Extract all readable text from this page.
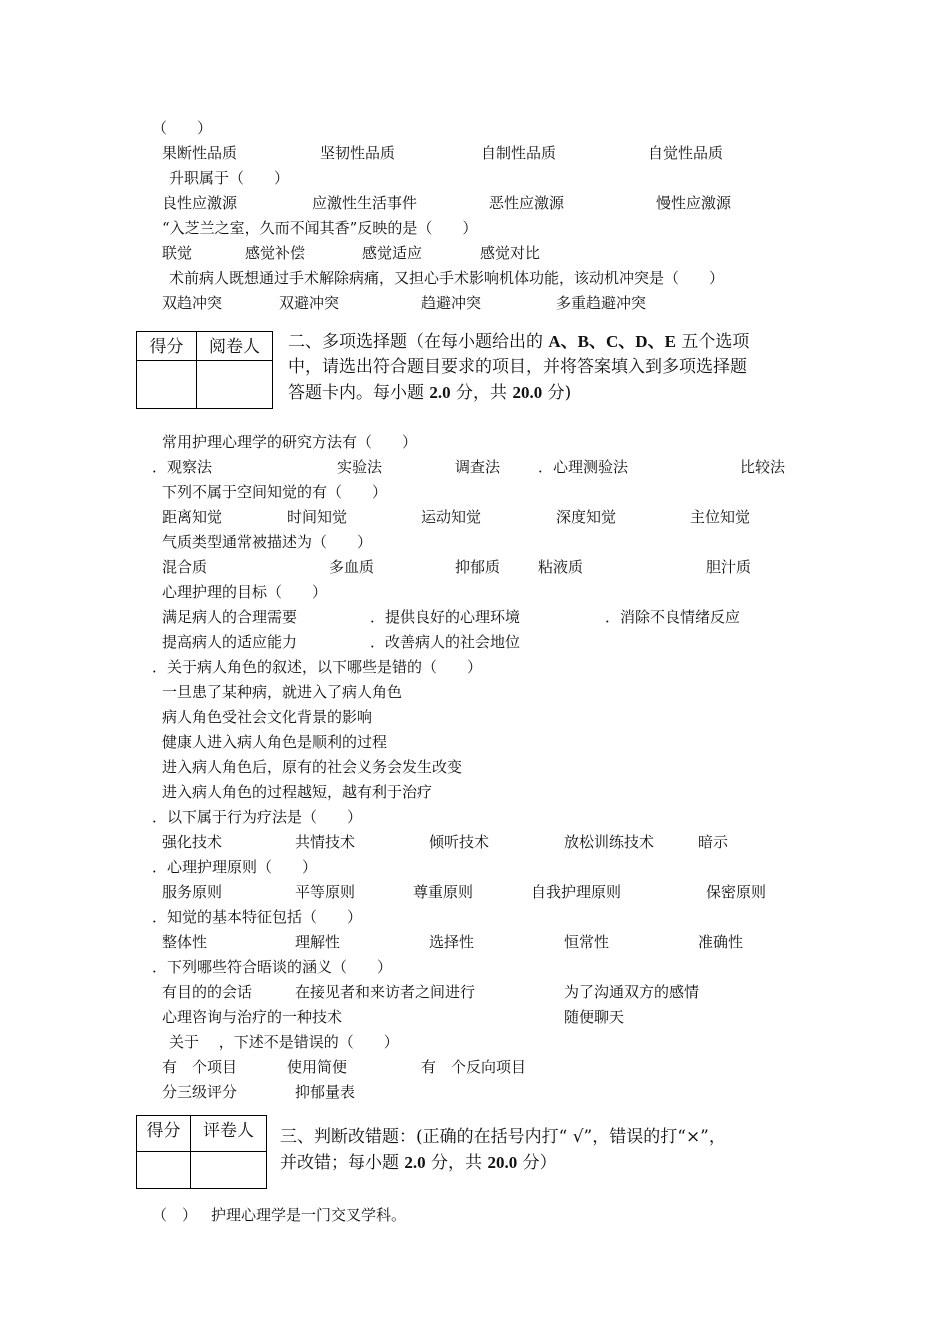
（　　）
果断性品质	坚韧性品质	自制性品质	自觉性品质
升职属于（　　）
良性应激源	应激性生活事件	恶性应激源	慢性应激源
“入芝兰之室，久而不闻其香”反映的是（　　）
联觉	感觉补偿	感觉适应	感觉对比
术前病人既想通过手术解除病痛，又担心手术影响机体功能，该动机冲突是（　　）
双趋冲突	双避冲突	趋避冲突	多重趋避冲突
得分	阅卷人
	二、多项选择题（在每小题给出的 A、B、C、D、E 五个选项
中，请选出符合题目要求的项目，并将答案填入到多项选择题
答题卡内。每小题 2.0 分，共 20.0 分)
常用护理心理学的研究方法有（　　）
．观察法	实验法	调查法	．心理测验法	比较法
下列不属于空间知觉的有（　　）
距离知觉	时间知觉	运动知觉	深度知觉	主位知觉
气质类型通常被描述为（　　）
混合质	多血质	抑郁质	粘液质	胆汁质
心理护理的目标（　　）
满足病人的合理需要	．提供良好的心理环境	．消除不良情绪反应
提高病人的适应能力	．改善病人的社会地位
．关于病人角色的叙述，以下哪些是错的（　　）
一旦患了某种病，就进入了病人角色
病人角色受社会文化背景的影响
健康人进入病人角色是顺利的过程
进入病人角色后，原有的社会义务会发生改变
进入病人角色的过程越短，越有利于治疗
．以下属于行为疗法是（　　）
强化技术	共情技术	倾听技术	放松训练技术	暗示
．心理护理原则（　　）
服务原则	平等原则	尊重原则	自我护理原则	保密原则
．知觉的基本特征包括（　　）
整体性	理解性	选择性	恒常性	准确性
．下列哪些符合晤谈的涵义（　　）
有目的的会话	在接见者和来访者之间进行	为了沟通双方的感情
心理咨询与治疗的一种技术	随便聊天
关于　 ，下述不是错误的（　　）
有　个项目	使用简便	有　个反向项目
分三级评分	抑郁量表
得分	评卷人
	三、判断改错题：(正确的在括号内打“ √”，错误的打“×”，
并改错；每小题 2.0 分，共 20.0 分）
（　） 护理心理学是一门交叉学科。
